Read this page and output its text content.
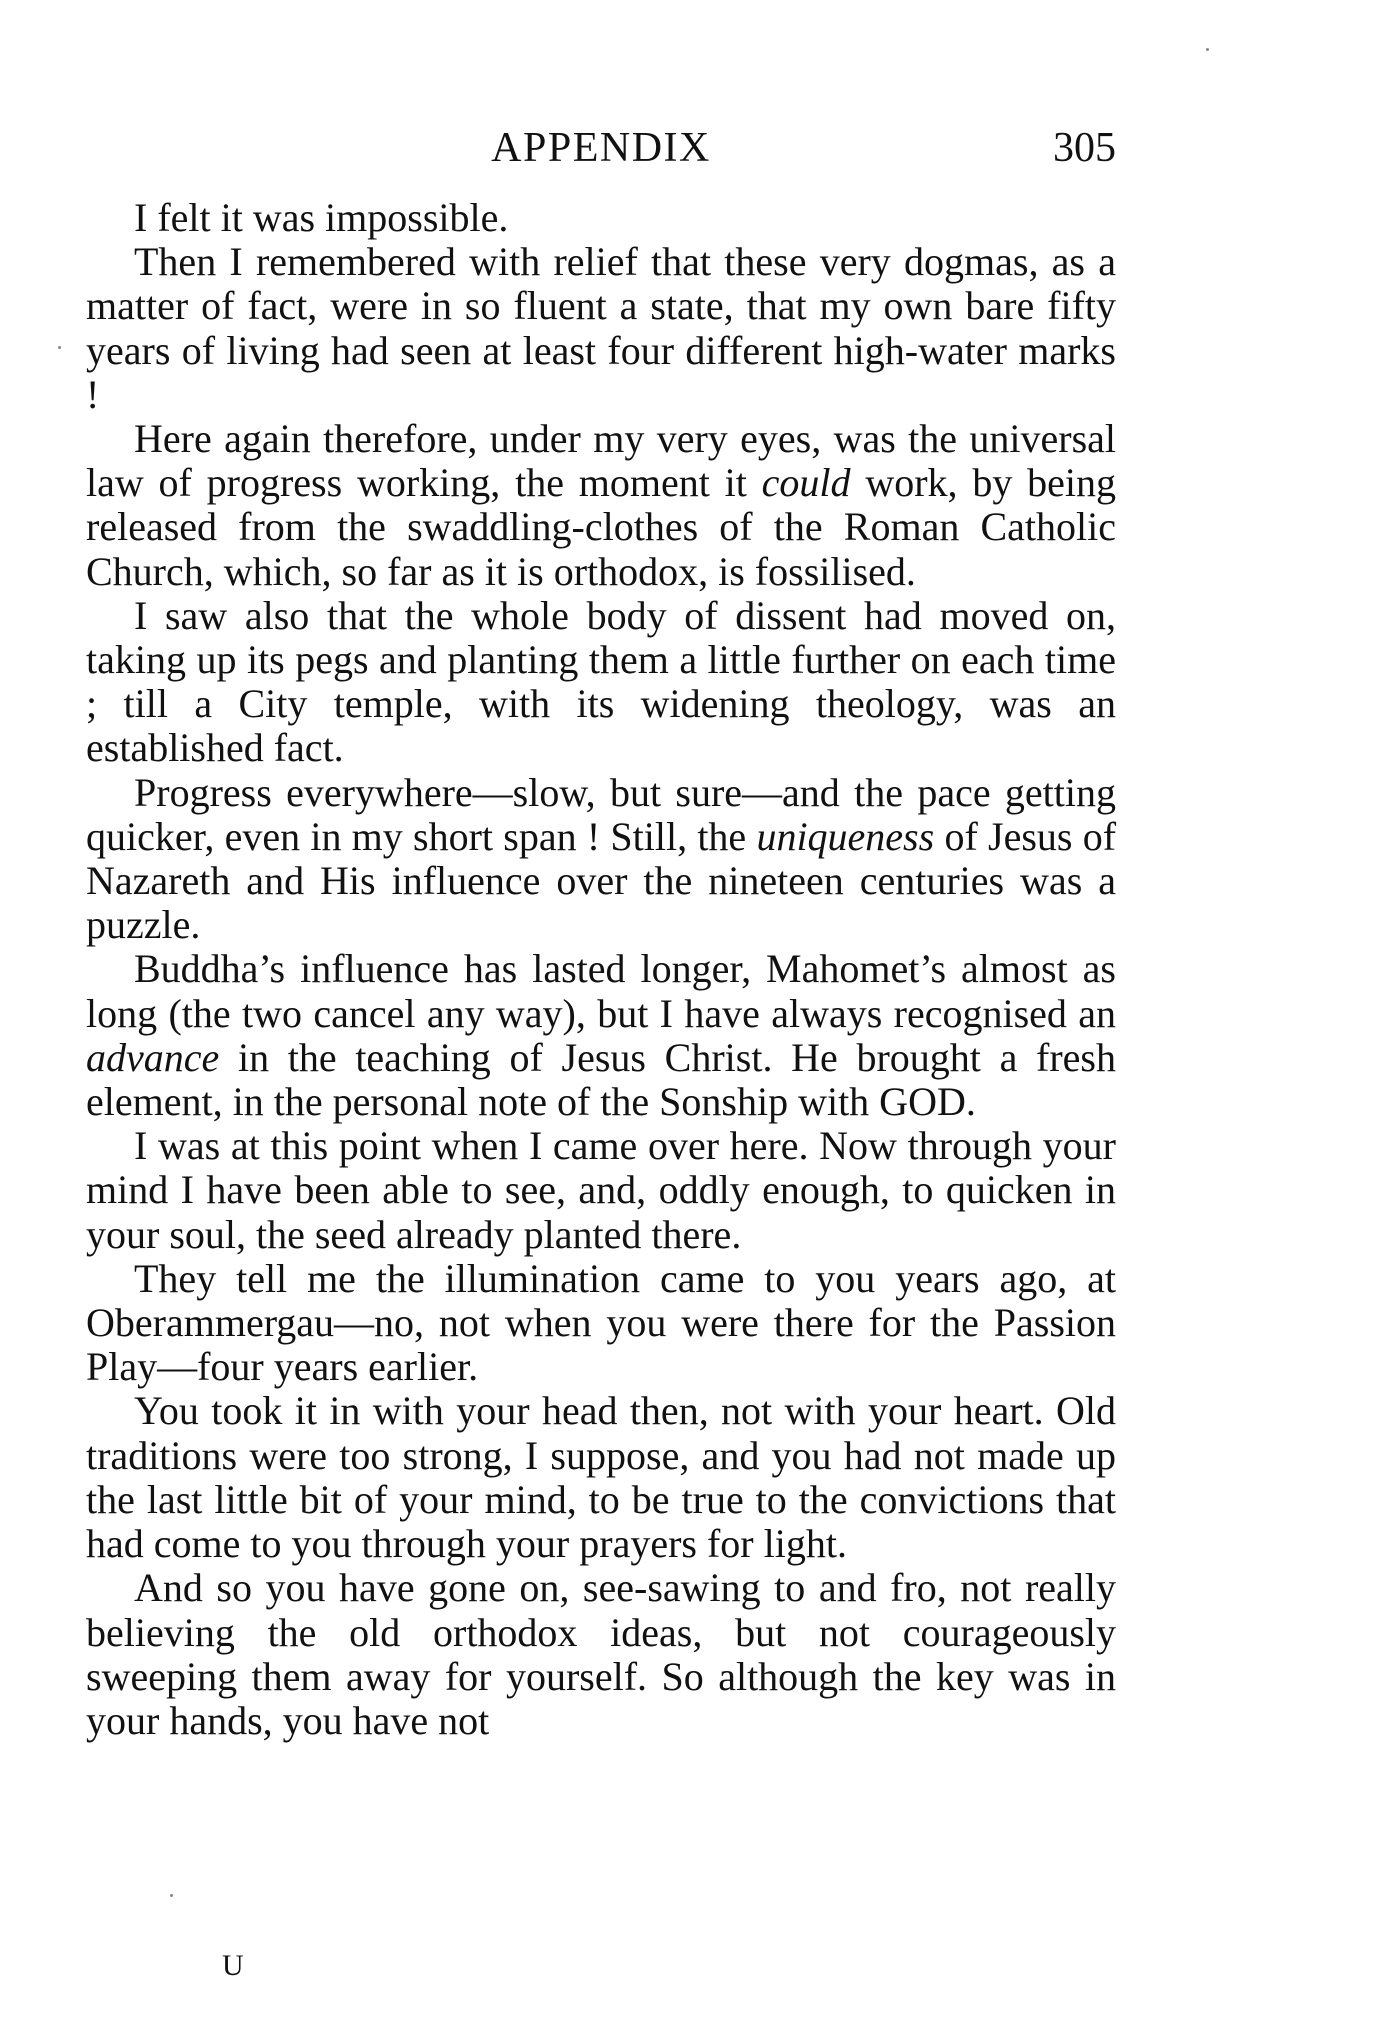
APPENDIX	305

I felt it was impossible.

Then I remembered with relief that these very dogmas, as a matter of fact, were in so fluent a state, that my own bare fifty years of living had seen at least four different high-water marks !

Here again therefore, under my very eyes, was the universal law of progress working, the moment it could work, by being released from the swaddling-clothes of the Roman Catholic Church, which, so far as it is orthodox, is fossilised.

I saw also that the whole body of dissent had moved on, taking up its pegs and planting them a little further on each time ; till a City temple, with its widening theology, was an established fact.

Progress everywhere—slow, but sure—and the pace getting quicker, even in my short span ! Still, the uniqueness of Jesus of Nazareth and His influence over the nineteen centuries was a puzzle.

Buddha’s influence has lasted longer, Mahomet’s almost as long (the two cancel any way), but I have always recognised an advance in the teaching of Jesus Christ. He brought a fresh element, in the personal note of the Sonship with GOD.

I was at this point when I came over here. Now through your mind I have been able to see, and, oddly enough, to quicken in your soul, the seed already planted there.

They tell me the illumination came to you years ago, at Oberammergau—no, not when you were there for the Passion Play—four years earlier.

You took it in with your head then, not with your heart. Old traditions were too strong, I suppose, and you had not made up the last little bit of your mind, to be true to the convictions that had come to you through your prayers for light.

And so you have gone on, see-sawing to and fro, not really believing the old orthodox ideas, but not courageously sweeping them away for yourself. So although the key was in your hands, you have not

U
